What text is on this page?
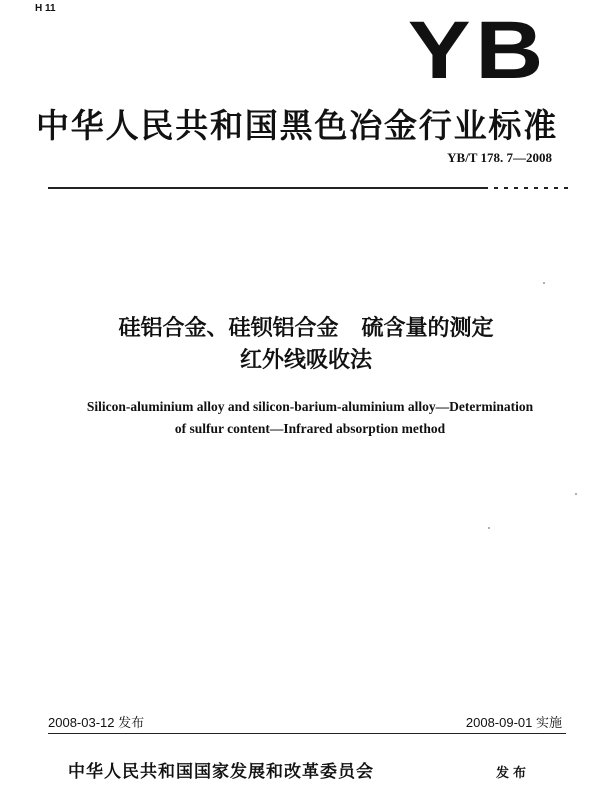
H 11	YB
中华人民共和国黑色冶金行业标准
YB/T 178. 7—2008
硅铝合金、硅钡铝合金   硫含量的测定
红外线吸收法
Silicon-aluminium alloy and silicon-barium-aluminium alloy—Determination
of sulfur content—Infrared absorption method
2008-03-12 发布	2008-09-01 实施
中华人民共和国国家发展和改革委员会	发布
